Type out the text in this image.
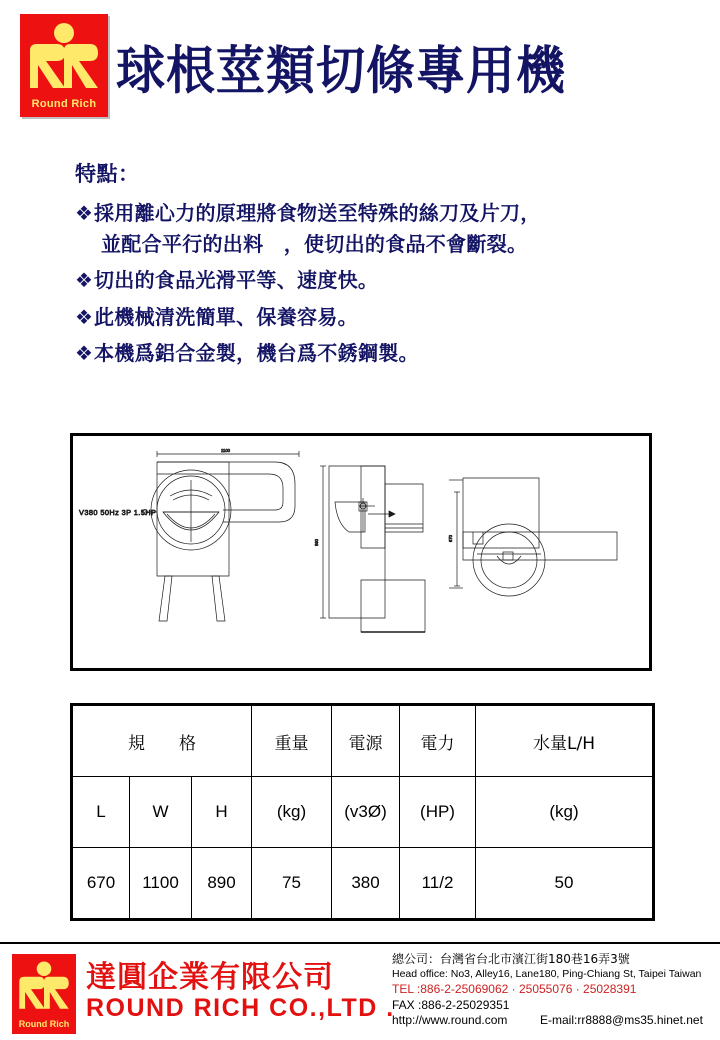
Round Rich
球根莖類切條專用機
特點：
❖採用離心力的原理將食物送至特殊的絲刀及片刀，
並配合平行的出料　，使切出的食品不會斷裂。
❖切出的食品光滑平等、速度快。
❖此機械清洗簡單、保養容易。
❖本機爲鋁合金製，機台爲不銹鋼製。
1100
V380 50Hz 3P 1.5HP
890
670
規　　格			重量	電源	電力	水量L/H
L	W	H	(kg)	(v3Ø)	(HP)	(kg)
670	1100	890	75	380	11/2	50
Round Rich
達圓企業有限公司
ROUND RICH CO.,LTD .
總公司：台灣省台北市濱江街180巷16弄3號
Head office: No3, Alley16, Lane180, Ping-Chiang St, Taipei Taiwan
TEL :886-2-25069062 · 25055076 · 25028391
FAX :886-2-25029351
http://www.round.com	E-mail:rr8888@ms35.hinet.net
